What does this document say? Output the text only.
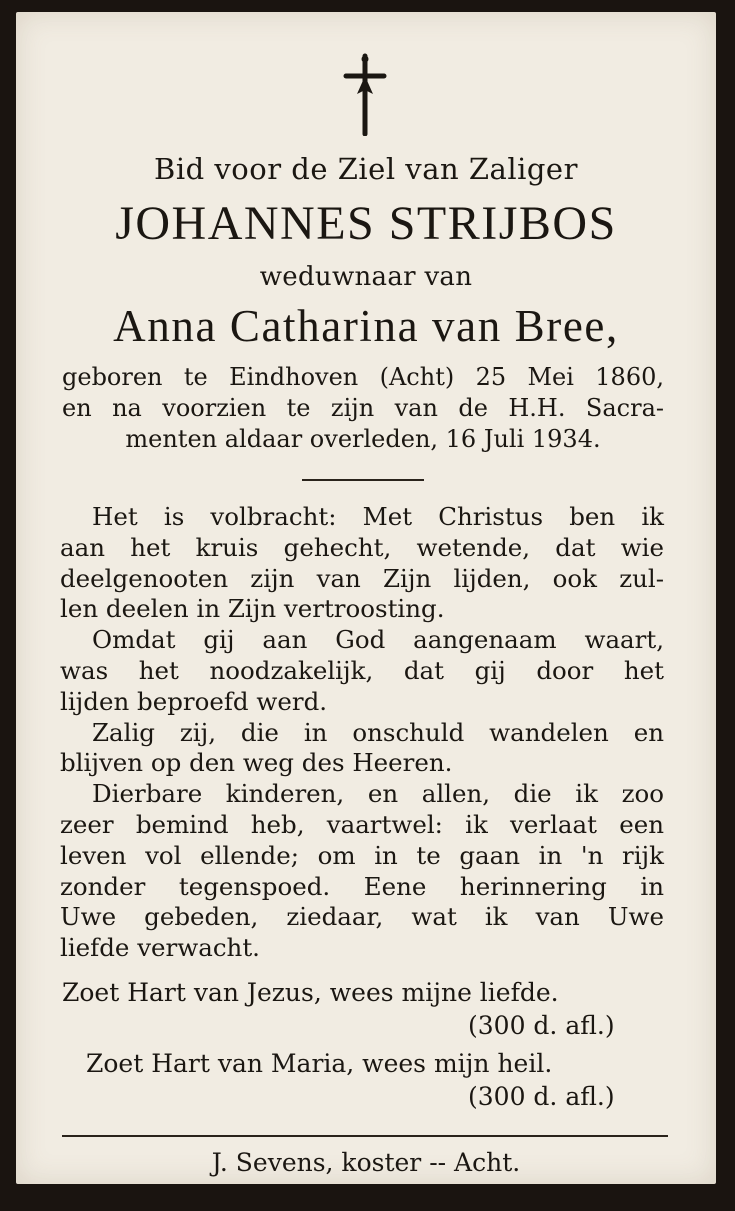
Bid voor de Ziel van Zaliger
JOHANNES STRIJBOS
weduwnaar van
Anna Catharina van Bree,
geboren te Eindhoven (Acht) 25 Mei 1860,
en na voorzien te zijn van de H.H. Sacra-
menten aldaar overleden, 16 Juli 1934.
Het is volbracht: Met Christus ben ik
aan het kruis gehecht, wetende, dat wie
deelgenooten zijn van Zijn lijden, ook zul-
len deelen in Zijn vertroosting.
Omdat gij aan God aangenaam waart,
was het noodzakelijk, dat gij door het
lijden beproefd werd.
Zalig zij, die in onschuld wandelen en
blijven op den weg des Heeren.
Dierbare kinderen, en allen, die ik zoo
zeer bemind heb, vaartwel: ik verlaat een
leven vol ellende; om in te gaan in 'n rijk
zonder tegenspoed. Eene herinnering in
Uwe gebeden, ziedaar, wat ik van Uwe
liefde verwacht.
Zoet Hart van Jezus, wees mijne liefde.
(300 d. afl.)
Zoet Hart van Maria, wees mijn heil.
(300 d. afl.)
J. Sevens, koster -- Acht.
